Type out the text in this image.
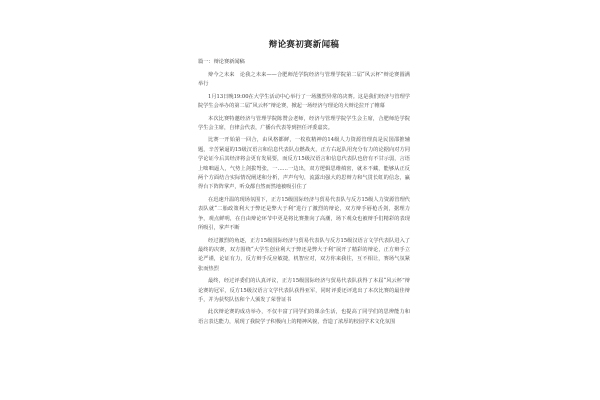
辩论赛初赛新闻稿
篇一：辩论赛新闻稿

辩今之未来　论我之未来——合肥师范学院经济与管理学院第二届“风云杯”辩论赛圆满举行

1月13日晚19:00在大学生活动中心举行了一场激烈异常的决赛。这是我们经济与管理学院学生会举办的第二届“风云杯”辩论赛，掀起一场经济与理论的大辩论拉开了帷幕

本次比赛特邀经济与管理学院陈赞会老师，经济与管理学院学生会主席，合肥师范学院学生会主席，自律会代表，广播台代表等到担任评委嘉宾。

比赛一开始第一回合，由风格都鲜，一枚枚精神的14级人力资源管理真是民国邵推辅题，辛苦紧逼的15级汉语言和信息代表队点燃战火，正方右起队用充分有力的论据向对方同学论证今后其经济将会更有发展要，而反方15级汉语言和信息代表队也倍有不甘示弱，言语上咄咄逼人，气势上剑拔弩张，一……一边出，双方逻辑思维缜密，就本不藏，能够从正反两个方面结合实际情况阐述和分析，声声句句，流露出强大的思辩力和气贯长虹的信念，赢得台下阵阵掌声，听众都自然而然地被吸引住了

在迅速升温的现场氛围下，正方15级国际经济与贸易代表队与反方15级人力资源管理代表队就“二胎政策利大于弊还是弊大于利”进行了激烈的辩论，双方辩手唇枪舌剑，据理力争，观点鲜明，在自由辩论环节中更是将比赛推向了高潮，场下观众也被辩手们精彩的表现所吸引，掌声不断

经过激烈的角逐，正方15级国际经济与贸易代表队与反方15级汉语言文学代表队进入了最终的决赛，双方围绕“大学生创业利大于弊还是弊大于利”展开了精彩的辩论，正方辩手立论严谨，论证有力，反方辩手反应敏捷，机智应对，双方你来我往，互不相让，赛场气氛紧张而热烈

最终，经过评委们的认真评议，正方15级国际经济与贸易代表队获得了本届“风云杯”辩论赛的冠军，反方15级汉语言文学代表队获得亚军，同时评委还评选出了本次比赛的最佳辩手，并为获奖队伍和个人颁发了荣誉证书

此次辩论赛的成功举办，不仅丰富了同学们的课余生活，也提高了同学们的思辨能力和语言表达能力，展现了我院学子积极向上的精神风貌，营造了浓厚的校园学术文化氛围
